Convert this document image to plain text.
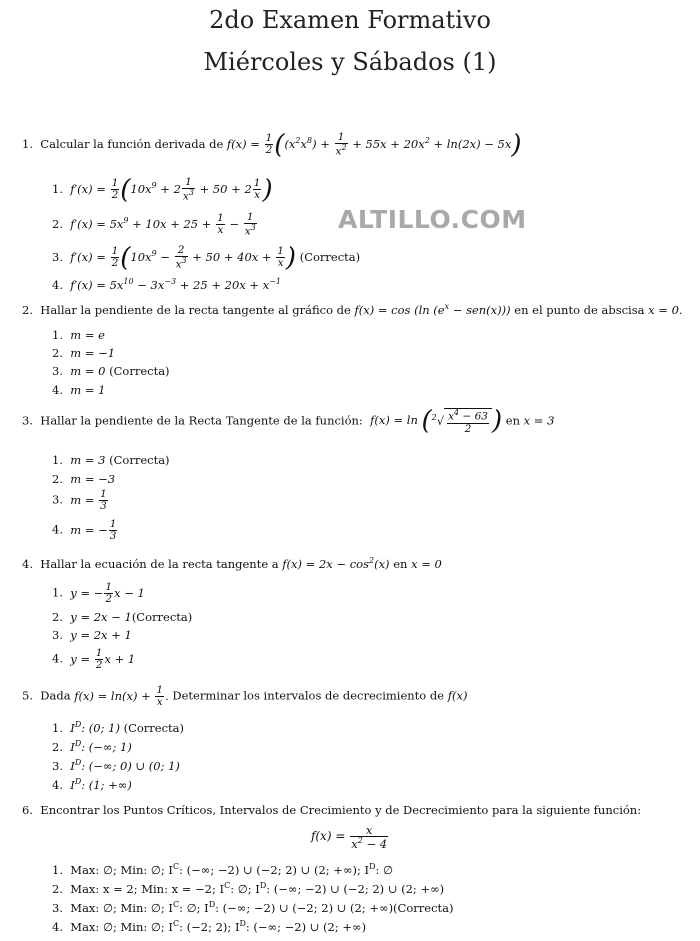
2do Examen Formativo
Miércoles y Sábados (1)
ALTILLO.COM
1. Calcular la función derivada de $f(x) = \frac{1}{2} ((x^2x^8) + \frac{1}{x^2} + 55x + 20x^2 + \ln(2x) - 5x)$
1. $f'(x) = \frac{1}{2} (10x^9 + 2 \frac{1}{x^3} + 50 + 2 \frac{1}{x}$ )
2. $f'(x) = 5x^9 + 10x + 25 + \frac{1}{x} - \frac{1}{x^3}$
3. $f'(x) = \frac{1}{2} (10x^9 - \frac{2}{x^3} + 50 + 40x + \frac{1}{x}$ ) (Correcta)
4. $f'(x) = 5x^{10} - 3x^{-3} + 25 + 20x + x^{-1}$
2. Hallar la pendiente de la recta tangente al gráfico de f(x) = cos (ln $(e^x - sen(x))$) en el punto de abscisa x = 0.
1. m = e
2. m = −1
3. m = 0 (Correcta)
4. m = 1
3. Hallar la pendiente de la Recta Tangente de la función: $f(x) = \ln (^2√ \frac{x^4 - 63}{2}$ ) en x = 3
1. m = 3 (Correcta)
2. m = −3
3. $m = \frac{1}{3}$
4. m = − $\frac{1}{3}$
4. Hallar la ecuación de la recta tangente a $f(x) = 2x - \cos^2(x)$ en x = 0
1. y = − $\frac{1}{2}$ x − 1
2. y = 2x − 1(Correcta)
3. y = 2x + 1
4. $y = \frac{1}{2}$ x + 1
5. Dada $f(x) = \ln(x) + \frac{1}{x}$ . Determinar los intervalos de decrecimiento de f(x)
1. $I^D$: (0; 1) (Correcta)
2. $I^D$: (−∞; 1)
3. $I^D$: (−∞; 0) ∪ (0; 1)
4. $I^D$: (1; +∞)
6. Encontrar los Puntos Críticos, Intervalos de Crecimiento y de Decrecimiento para la siguiente función:
$f(x) = \frac{x}{x^2 - 4}$
1. Max: ∅; Min: ∅; $I^C$: (−∞; −2) ∪ (−2; 2) ∪ (2; +∞); $I^D$: ∅
2. Max: x = 2; Min: x = −2; $I^C$: ∅; $I^D$: (−∞; −2) ∪ (−2; 2) ∪ (2; +∞)
3. Max: ∅; Min: ∅; $I^C$: ∅; $I^D$: (−∞; −2) ∪ (−2; 2) ∪ (2; +∞)(Correcta)
4. Max: ∅; Min: ∅; $I^C$: (−2; 2); $I^D$: (−∞; −2) ∪ (2; +∞)
